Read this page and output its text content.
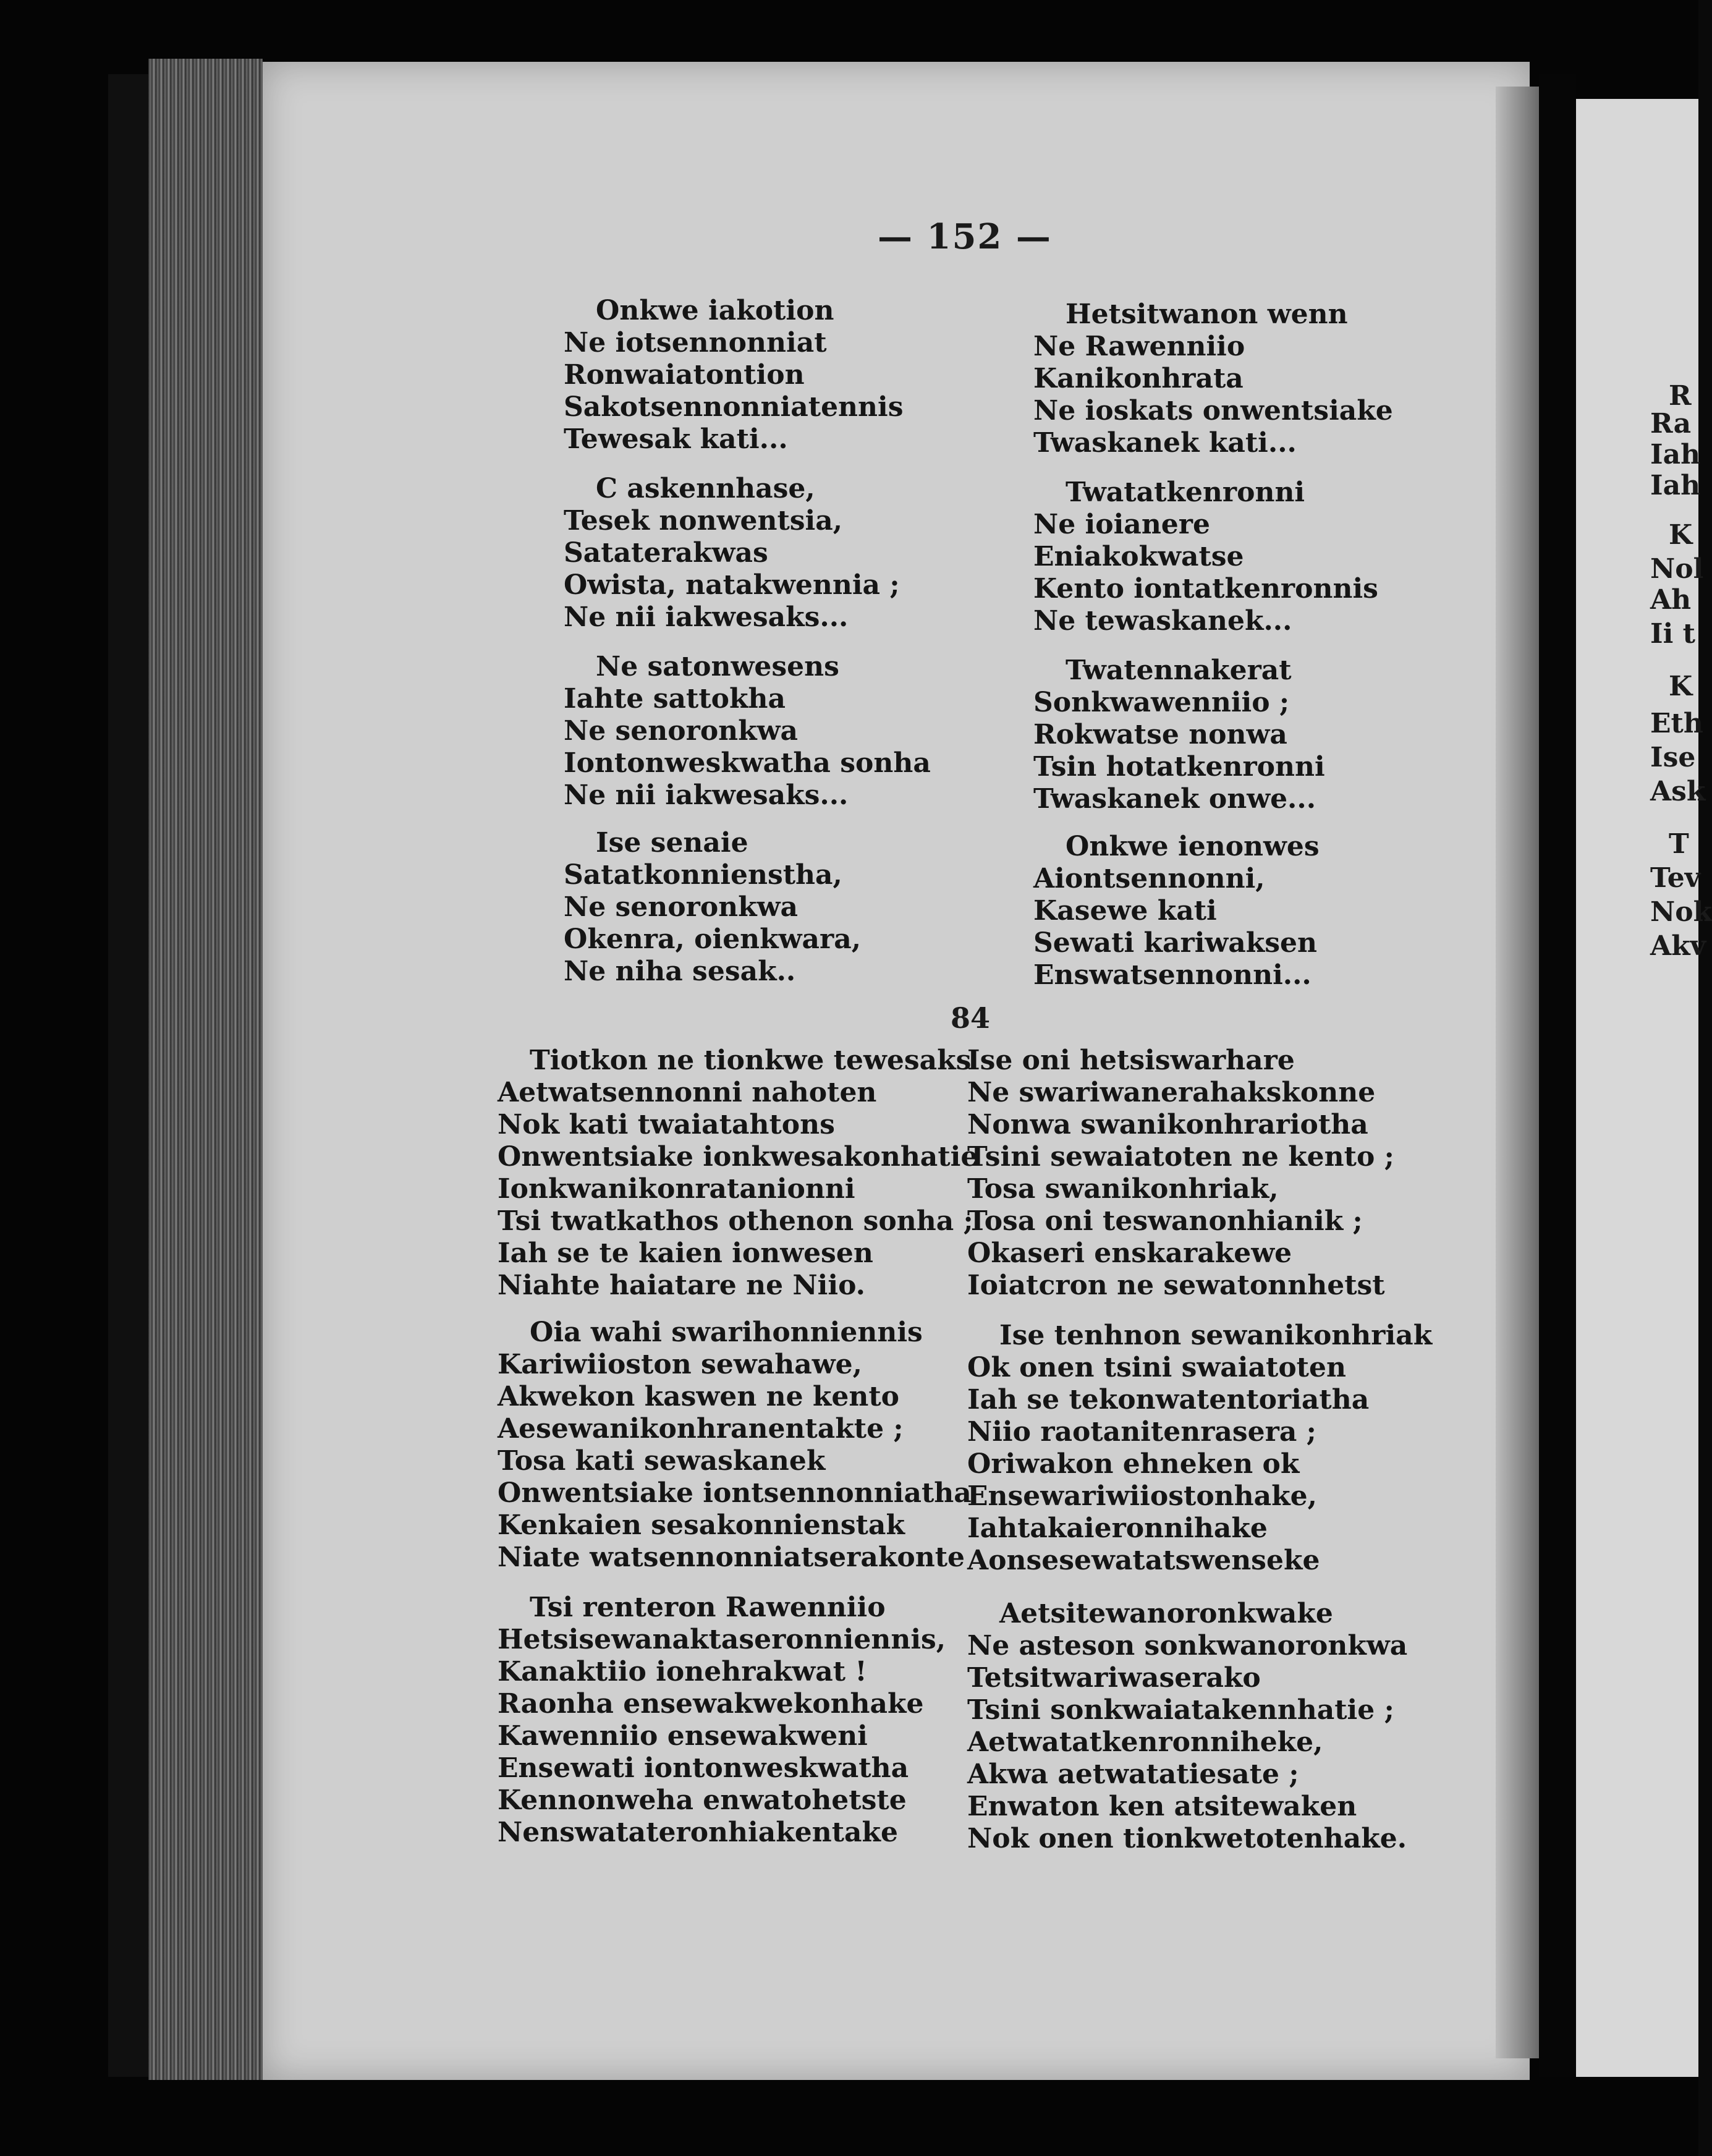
R
Ra
Iah
Iah
K
Nol
Ah
Ii t
K
Eth
Ise
Ask
T
Tev
Nok
Akv
— 152 —
Onkwe iakotion
Ne iotsennonniat
Ronwaiatontion
Sakotsennonniatennis
Tewesak kati...
C askennhase,
Tesek nonwentsia,
Sataterakwas
Owista, natakwennia ;
Ne nii iakwesaks...
Ne satonwesens
Iahte sattokha
Ne senoronkwa
Iontonweskwatha sonha
Ne nii iakwesaks...
Ise senaie
Satatkonnienstha,
Ne senoronkwa
Okenra, oienkwara,
Ne niha sesak..
Hetsitwanon wenn
Ne Rawenniio
Kanikonhrata
Ne ioskats onwentsiake
Twaskanek kati...
Twatatkenronni
Ne ioianere
Eniakokwatse
Kento iontatkenronnis
Ne tewaskanek...
Twatennakerat
Sonkwawenniio ;
Rokwatse nonwa
Tsin hotatkenronni
Twaskanek onwe...
Onkwe ienonwes
Aiontsennonni,
Kasewe kati
Sewati kariwaksen
Enswatsennonni...
84
Tiotkon ne tionkwe tewesaks
Aetwatsennonni nahoten
Nok kati twaiatahtons
Onwentsiake ionkwesakonhatie
Ionkwanikonratanionni
Tsi twatkathos othenon sonha ;
Iah se te kaien ionwesen
Niahte haiatare ne Niio.
Oia wahi swarihonniennis
Kariwiioston sewahawe,
Akwekon kaswen ne kento
Aesewanikonhranentakte ;
Tosa kati sewaskanek
Onwentsiake iontsennonniatha
Kenkaien sesakonnienstak
Niate watsennonniatserakonte
Tsi renteron Rawenniio
Hetsisewanaktaseronniennis,
Kanaktiio ionehrakwat !
Raonha ensewakwekonhake
Kawenniio ensewakweni
Ensewati iontonweskwatha
Kennonweha enwatohetste
Nenswatateronhiakentake
Ise oni hetsiswarhare
Ne swariwanerahakskonne
Nonwa swanikonhrariotha
Tsini sewaiatoten ne kento ;
Tosa swanikonhriak,
Tosa oni teswanonhianik ;
Okaseri enskarakewe
Ioiatcron ne sewatonnhetst
Ise tenhnon sewanikonhriak
Ok onen tsini swaiatoten
Iah se tekonwatentoriatha
Niio raotanitenrasera ;
Oriwakon ehneken ok
Ensewariwiiostonhake,
Iahtakaieronnihake
Aonsesewatatswenseke
Aetsitewanoronkwake
Ne asteson sonkwanoronkwa
Tetsitwariwaserako
Tsini sonkwaiatakennhatie ;
Aetwatatkenronniheke,
Akwa aetwatatiesate ;
Enwaton ken atsitewaken
Nok onen tionkwetotenhake.
